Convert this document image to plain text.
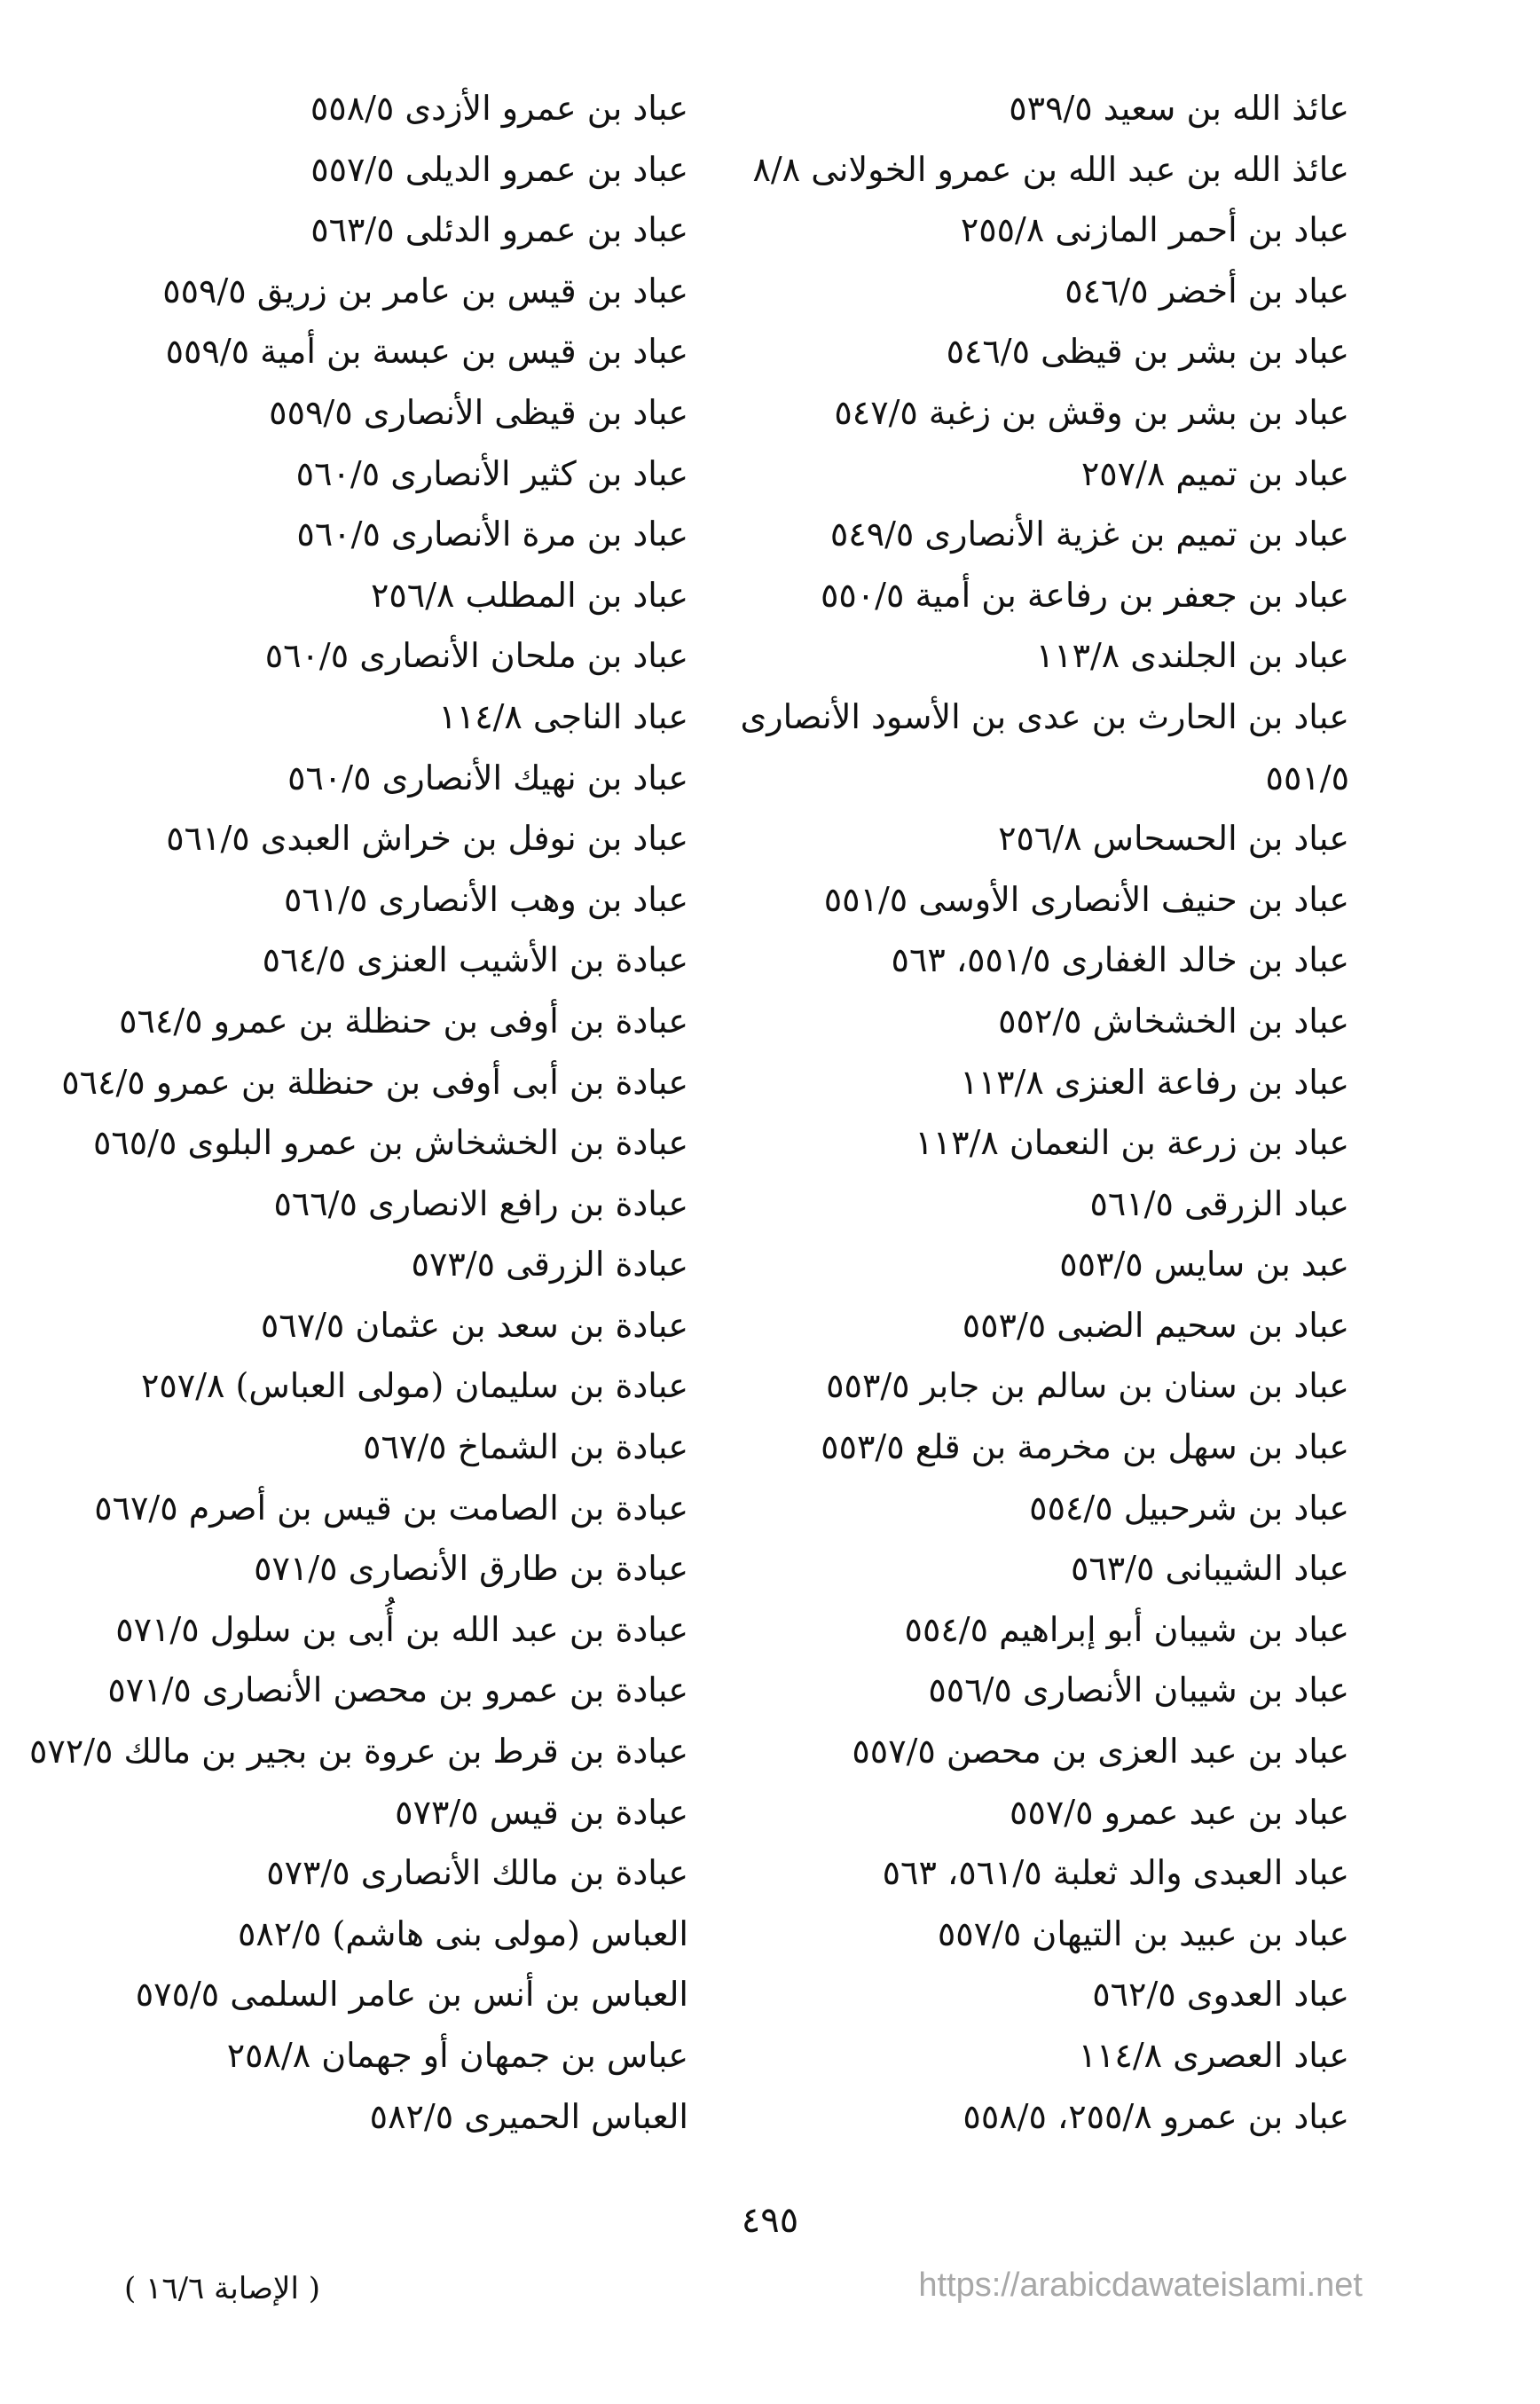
عائذ الله بن سعيد ٥٣٩/٥

عائذ الله بن عبد الله بن عمرو الخولانى ٨/٨

عباد بن أحمر المازنى ٢٥٥/٨

عباد بن أخضر ٥٤٦/٥

عباد بن بشر بن قيظى ٥٤٦/٥

عباد بن بشر بن وقش بن زغبة ٥٤٧/٥

عباد بن تميم ٢٥٧/٨

عباد بن تميم بن غزية الأنصارى ٥٤٩/٥

عباد بن جعفر بن رفاعة بن أمية ٥٥٠/٥

عباد بن الجلندى ١١٣/٨

عباد بن الحارث بن عدى بن الأسود الأنصارى ٥٥١/٥

عباد بن الحسحاس ٢٥٦/٨

عباد بن حنيف الأنصارى الأوسى ٥٥١/٥

عباد بن خالد الغفارى ٥٥١/٥، ٥٦٣

عباد بن الخشخاش ٥٥٢/٥

عباد بن رفاعة العنزى ١١٣/٨

عباد بن زرعة بن النعمان ١١٣/٨

عباد الزرقى ٥٦١/٥

عبد بن سايس ٥٥٣/٥

عباد بن سحيم الضبى ٥٥٣/٥

عباد بن سنان بن سالم بن جابر ٥٥٣/٥

عباد بن سهل بن مخرمة بن قلع ٥٥٣/٥

عباد بن شرحبيل ٥٥٤/٥

عباد الشيبانى ٥٦٣/٥

عباد بن شيبان أبو إبراهيم ٥٥٤/٥

عباد بن شيبان الأنصارى ٥٥٦/٥

عباد بن عبد العزى بن محصن ٥٥٧/٥

عباد بن عبد عمرو ٥٥٧/٥

عباد العبدى والد ثعلبة ٥٦١/٥، ٥٦٣

عباد بن عبيد بن التيهان ٥٥٧/٥

عباد العدوى ٥٦٢/٥

عباد العصرى ١١٤/٨

عباد بن عمرو ٢٥٥/٨، ٥٥٨/٥

عباد بن عمرو الأزدى ٥٥٨/٥

عباد بن عمرو الديلى ٥٥٧/٥

عباد بن عمرو الدئلى ٥٦٣/٥

عباد بن قيس بن عامر بن زريق ٥٥٩/٥

عباد بن قيس بن عبسة بن أمية ٥٥٩/٥

عباد بن قيظى الأنصارى ٥٥٩/٥

عباد بن كثير الأنصارى ٥٦٠/٥

عباد بن مرة الأنصارى ٥٦٠/٥

عباد بن المطلب ٢٥٦/٨

عباد بن ملحان الأنصارى ٥٦٠/٥

عباد الناجى ١١٤/٨

عباد بن نهيك الأنصارى ٥٦٠/٥

عباد بن نوفل بن خراش العبدى ٥٦١/٥

عباد بن وهب الأنصارى ٥٦١/٥

عبادة بن الأشيب العنزى ٥٦٤/٥

عبادة بن أوفى بن حنظلة بن عمرو ٥٦٤/٥

عبادة بن أبى أوفى بن حنظلة بن عمرو ٥٦٤/٥

عبادة بن الخشخاش بن عمرو البلوى ٥٦٥/٥

عبادة بن رافع الانصارى ٥٦٦/٥

عبادة الزرقى ٥٧٣/٥

عبادة بن سعد بن عثمان ٥٦٧/٥

عبادة بن سليمان (مولى العباس) ٢٥٧/٨

عبادة بن الشماخ ٥٦٧/٥

عبادة بن الصامت بن قيس بن أصرم ٥٦٧/٥

عبادة بن طارق الأنصارى ٥٧١/٥

عبادة بن عبد الله بن أُبى بن سلول ٥٧١/٥

عبادة بن عمرو بن محصن الأنصارى ٥٧١/٥

عبادة بن قرط بن عروة بن بجير بن مالك ٥٧٢/٥

عبادة بن قيس ٥٧٣/٥

عبادة بن مالك الأنصارى ٥٧٣/٥

العباس (مولى بنى هاشم) ٥٨٢/٥

العباس بن أنس بن عامر السلمى ٥٧٥/٥

عباس بن جمهان أو جهمان ٢٥٨/٨

العباس الحميرى ٥٨٢/٥

٤٩٥
https://arabicdawateislami.net
( الإصابة ١٦/٦ )
